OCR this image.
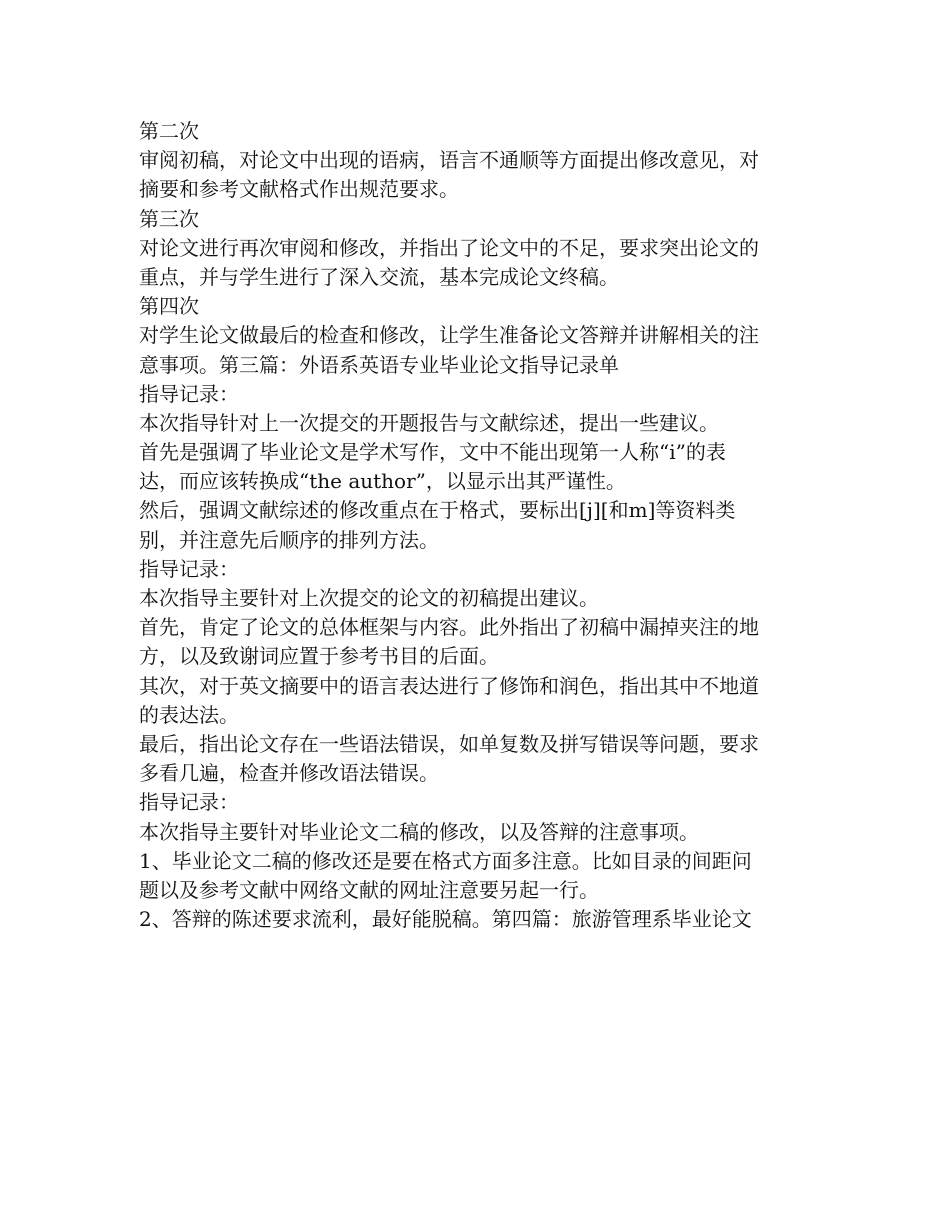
第二次
审阅初稿，对论文中出现的语病，语言不通顺等方面提出修改意见，对
摘要和参考文献格式作出规范要求。
第三次
对论文进行再次审阅和修改，并指出了论文中的不足，要求突出论文的
重点，并与学生进行了深入交流，基本完成论文终稿。
第四次
对学生论文做最后的检查和修改，让学生准备论文答辩并讲解相关的注
意事项。第三篇：外语系英语专业毕业论文指导记录单
指导记录：
本次指导针对上一次提交的开题报告与文献综述，提出一些建议。
首先是强调了毕业论文是学术写作，文中不能出现第一人称“i”的表
达，而应该转换成“the author”，以显示出其严谨性。
然后，强调文献综述的修改重点在于格式，要标出[j][和m]等资料类
别，并注意先后顺序的排列方法。
指导记录：
本次指导主要针对上次提交的论文的初稿提出建议。
首先，肯定了论文的总体框架与内容。此外指出了初稿中漏掉夹注的地
方，以及致谢词应置于参考书目的后面。
其次，对于英文摘要中的语言表达进行了修饰和润色，指出其中不地道
的表达法。
最后，指出论文存在一些语法错误，如单复数及拼写错误等问题，要求
多看几遍，检查并修改语法错误。
指导记录：
本次指导主要针对毕业论文二稿的修改，以及答辩的注意事项。
1、毕业论文二稿的修改还是要在格式方面多注意。比如目录的间距问
题以及参考文献中网络文献的网址注意要另起一行。
2、答辩的陈述要求流利，最好能脱稿。第四篇：旅游管理系毕业论文
